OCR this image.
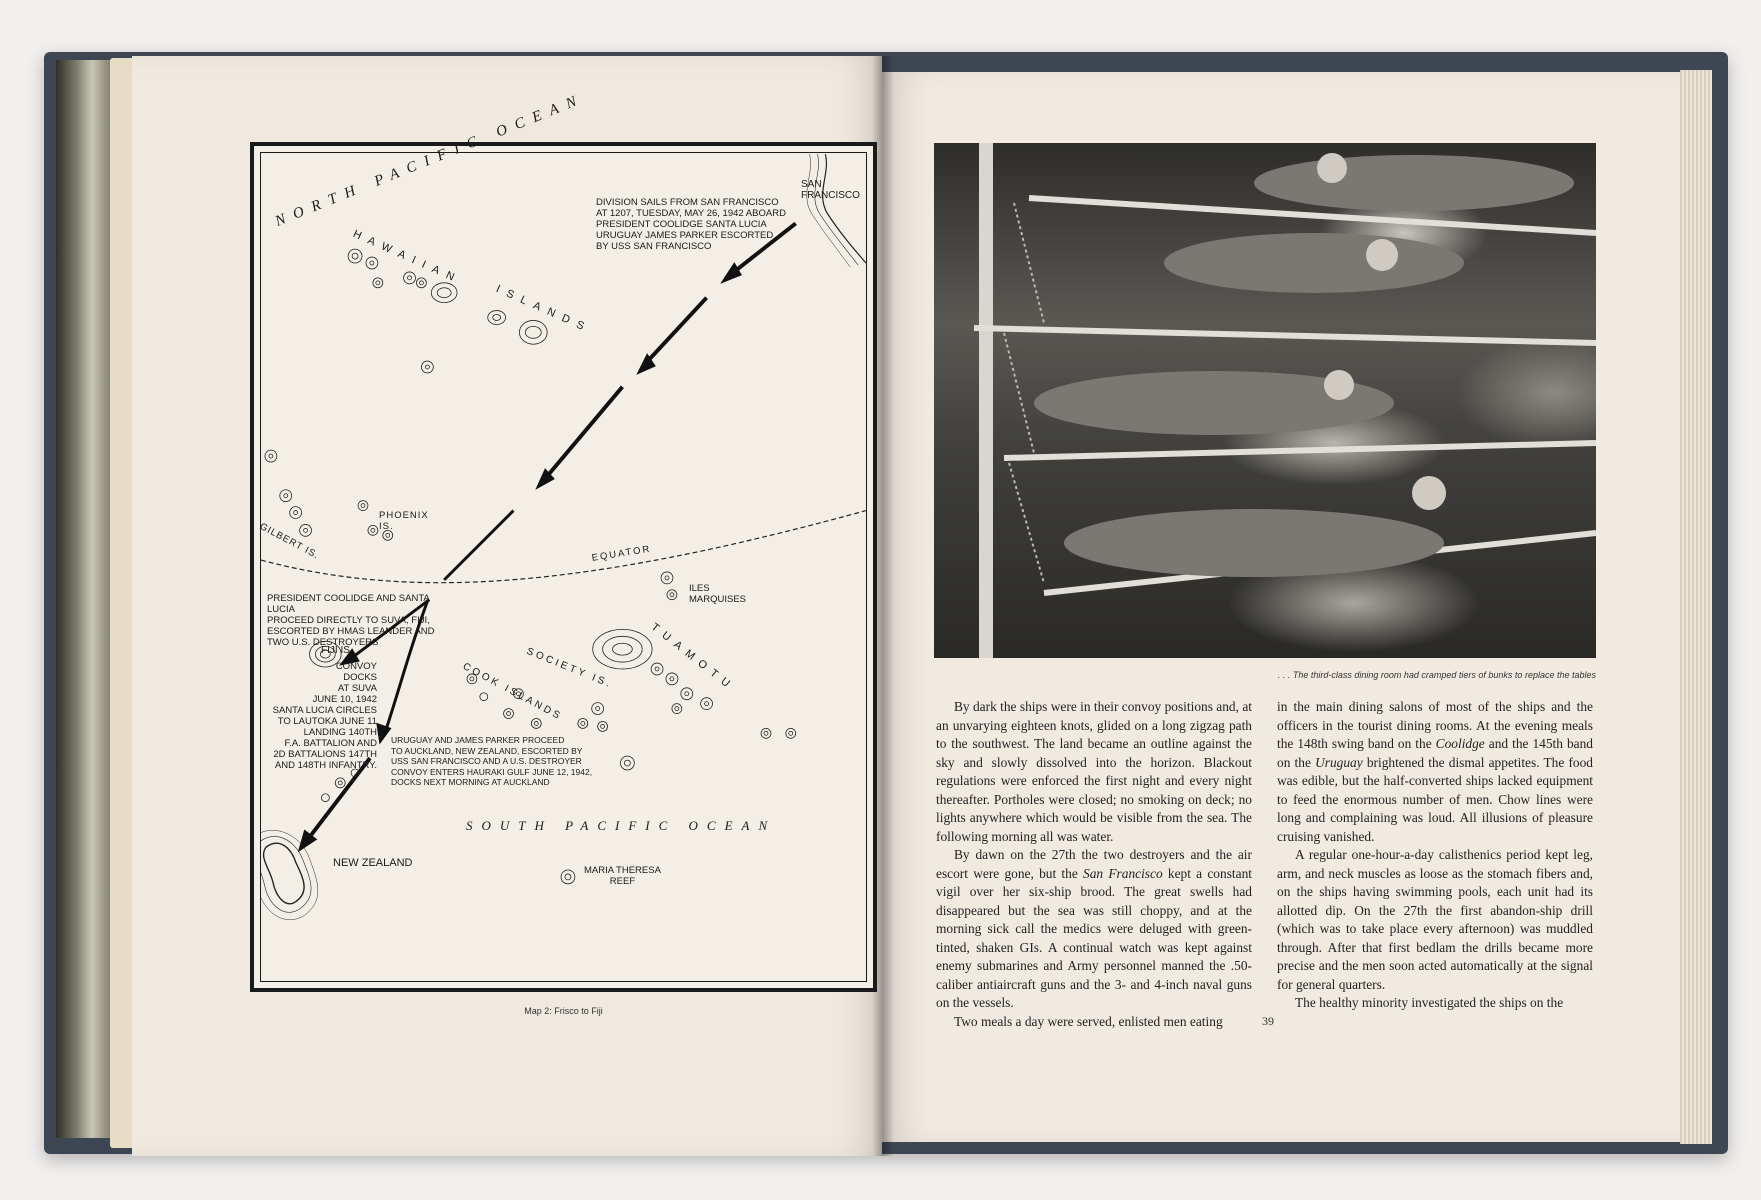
NORTH PACIFIC OCEAN
HAWAIIAN
ISLANDS
SAN FRANCISCO
DIVISION SAILS FROM SAN FRANCISCO
AT 1207, TUESDAY, MAY 26, 1942 ABOARD
PRESIDENT COOLIDGE SANTA LUCIA
URUGUAY JAMES PARKER ESCORTED
BY USS SAN FRANCISCO
PHOENIX
IS.
GILBERT IS.	EQUATOR
ILES
MARQUISES
PRESIDENT COOLIDGE AND SANTA LUCIA
PROCEED DIRECTLY TO SUVA, FIJI,
ESCORTED BY HMAS LEANDER AND
TWO U.S. DESTROYERS
FIJI IS.
CONVOY
DOCKS
AT SUVA
JUNE 10, 1942
SANTA LUCIA CIRCLES
TO LAUTOKA JUNE 11
LANDING 140TH
F.A. BATTALION AND
2D BATTALIONS 147TH
AND 148TH INFANTRY.
TUAMOTU
SOCIETY IS.
COOK ISLANDS
URUGUAY AND JAMES PARKER PROCEED
TO AUCKLAND, NEW ZEALAND, ESCORTED BY
USS SAN FRANCISCO AND A U.S. DESTROYER
CONVOY ENTERS HAURAKI GULF JUNE 12, 1942,
DOCKS NEXT MORNING AT AUCKLAND
SOUTH PACIFIC OCEAN
NEW ZEALAND
MARIA THERESA
REEF
Map 2: Frisco to Fiji
. . . The third-class dining room had cramped tiers of bunks to replace the tables

By dark the ships were in their convoy positions and, at an unvarying eighteen knots, glided on a long zigzag path to the southwest. The land became an outline against the sky and slowly dissolved into the horizon. Blackout regulations were enforced the first night and every night thereafter. Portholes were closed; no smoking on deck; no lights anywhere which would be visible from the sea. The following morning all was water.

By dawn on the 27th the two destroyers and the air escort were gone, but the San Francisco kept a constant vigil over her six-ship brood. The great swells had disappeared but the sea was still choppy, and at the morning sick call the medics were deluged with green-tinted, shaken GIs. A continual watch was kept against enemy submarines and Army personnel manned the .50-caliber antiaircraft guns and the 3- and 4-inch naval guns on the vessels.

Two meals a day were served, enlisted men eating

in the main dining salons of most of the ships and the officers in the tourist dining rooms. At the evening meals the 148th swing band on the Coolidge and the 145th band on the Uruguay brightened the dismal appetites. The food was edible, but the half-converted ships lacked equipment to feed the enormous number of men. Chow lines were long and complaining was loud. All illusions of pleasure cruising vanished.

A regular one-hour-a-day calisthenics period kept leg, arm, and neck muscles as loose as the stomach fibers and, on the ships having swimming pools, each unit had its allotted dip. On the 27th the first abandon-ship drill (which was to take place every afternoon) was muddled through. After that first bedlam the drills became more precise and the men soon acted automatically at the signal for general quarters.

The healthy minority investigated the ships on the

39
